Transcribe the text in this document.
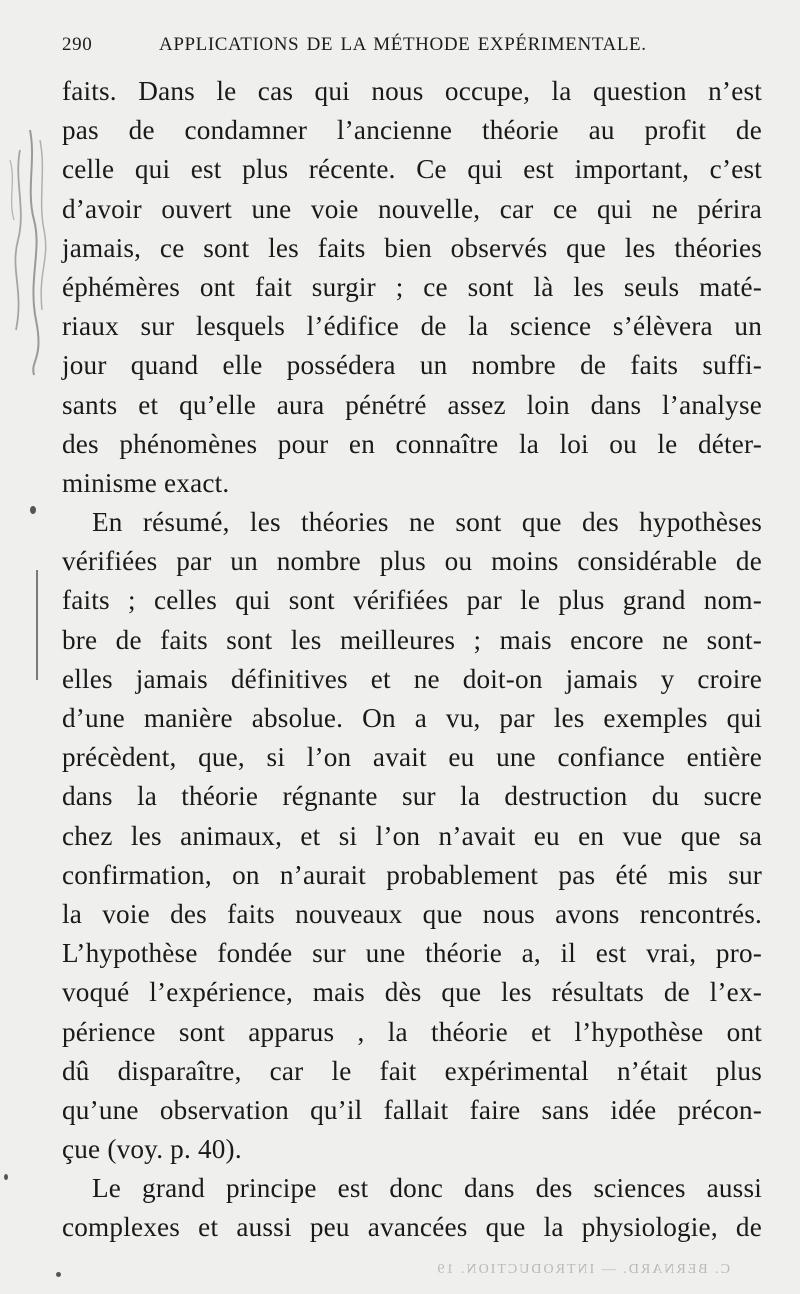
290	APPLICATIONS DE LA MÉTHODE EXPÉRIMENTALE.
faits. Dans le cas qui nous occupe, la question n’est
pas de condamner l’ancienne théorie au profit de
celle qui est plus récente. Ce qui est important, c’est
d’avoir ouvert une voie nouvelle, car ce qui ne périra
jamais, ce sont les faits bien observés que les théories
éphémères ont fait surgir ; ce sont là les seuls maté-
riaux sur lesquels l’édifice de la science s’élèvera un
jour quand elle possédera un nombre de faits suffi-
sants et qu’elle aura pénétré assez loin dans l’analyse
des phénomènes pour en connaître la loi ou le déter-
minisme exact.
En résumé, les théories ne sont que des hypothèses
vérifiées par un nombre plus ou moins considérable de
faits ; celles qui sont vérifiées par le plus grand nom-
bre de faits sont les meilleures ; mais encore ne sont-
elles jamais définitives et ne doit-on jamais y croire
d’une manière absolue. On a vu, par les exemples qui
précèdent, que, si l’on avait eu une confiance entière
dans la théorie régnante sur la destruction du sucre
chez les animaux, et si l’on n’avait eu en vue que sa
confirmation, on n’aurait probablement pas été mis sur
la voie des faits nouveaux que nous avons rencontrés.
L’hypothèse fondée sur une théorie a, il est vrai, pro-
voqué l’expérience, mais dès que les résultats de l’ex-
périence sont apparus , la théorie et l’hypothèse ont
dû disparaître, car le fait expérimental n’était plus
qu’une observation qu’il fallait faire sans idée précon-
çue (voy. p. 40).
Le grand principe est donc dans des sciences aussi
complexes et aussi peu avancées que la physiologie, de
C. BERNARD. — INTRODUCTION. 19
